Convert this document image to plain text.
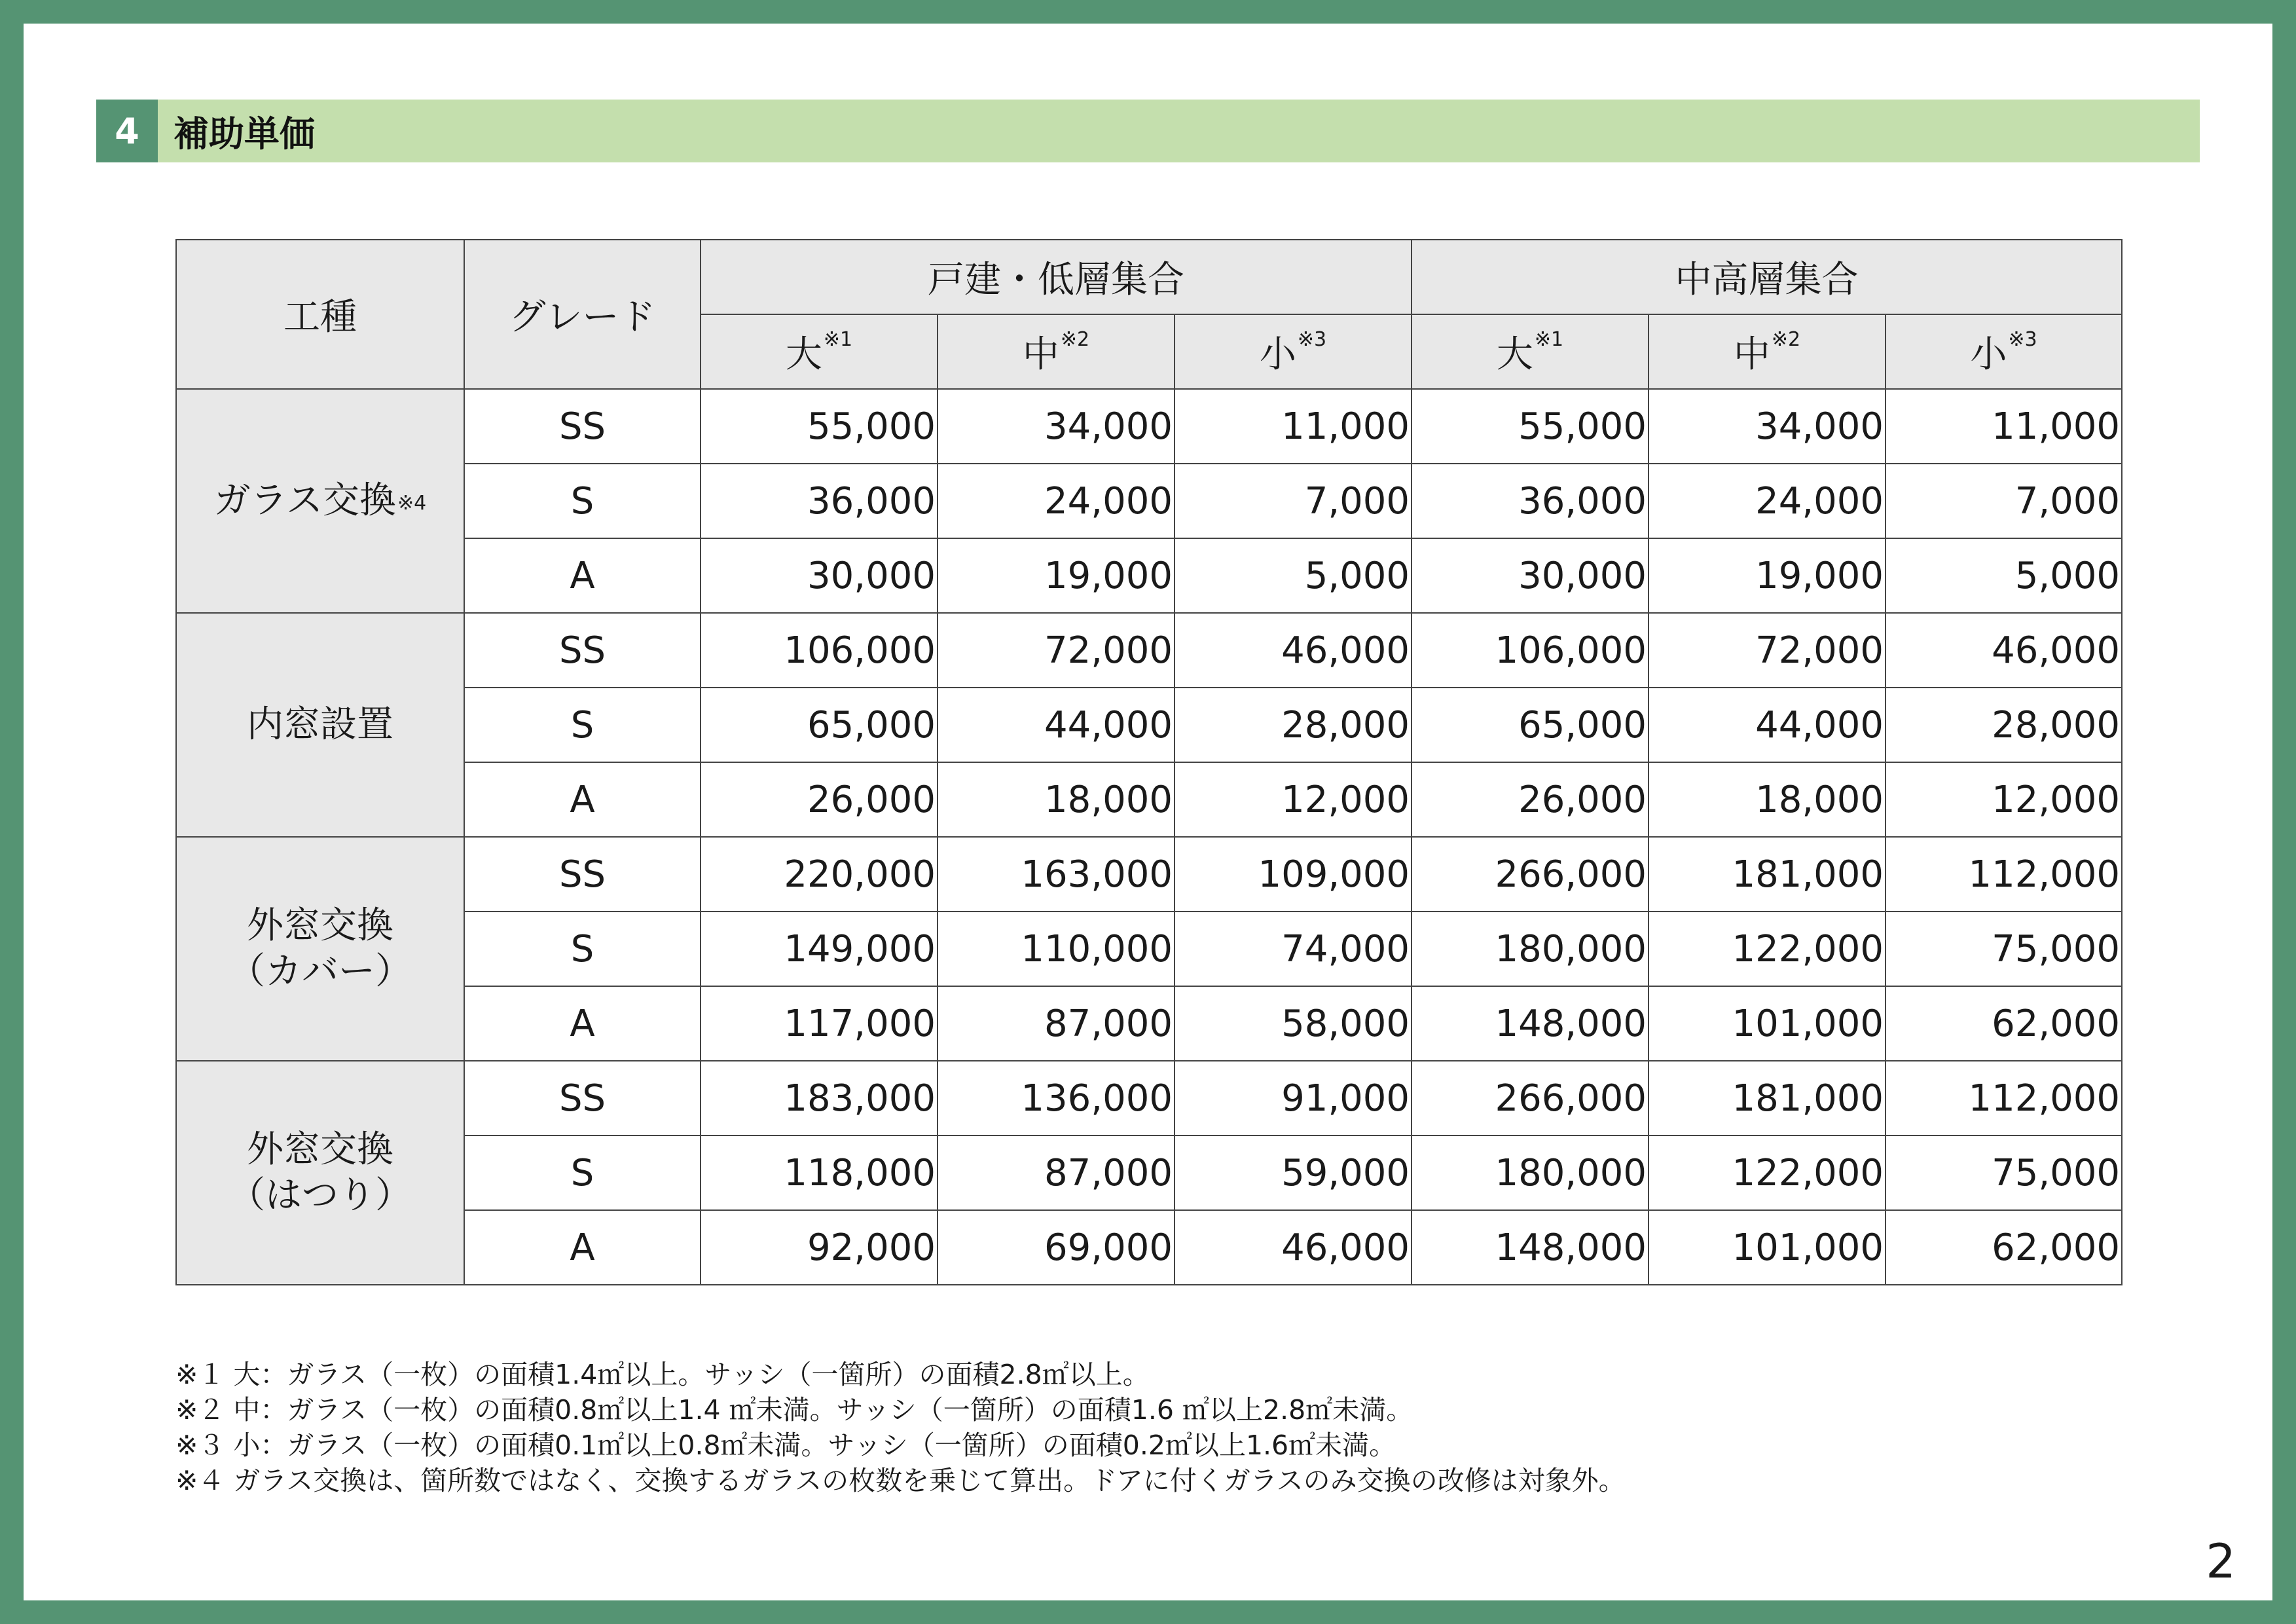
4 補助単価
工種	グレード	戸建・低層集合			中高層集合		
		大$^{※1}$	中$^{※2}$	小$^{※3}$	大$^{※1}$	中$^{※2}$	小$^{※3}$
ガラス交換$^{※4}$	SS	55,000	34,000	11,000	55,000	34,000	11,000
	S	36,000	24,000	7,000	36,000	24,000	7,000
	A	30,000	19,000	5,000	30,000	19,000	5,000
内窓設置	SS	106,000	72,000	46,000	106,000	72,000	46,000
	S	65,000	44,000	28,000	65,000	44,000	28,000
	A	26,000	18,000	12,000	26,000	18,000	12,000
外窓交換
（カバー）	SS	220,000	163,000	109,000	266,000	181,000	112,000
	S	149,000	110,000	74,000	180,000	122,000	75,000
	A	117,000	87,000	58,000	148,000	101,000	62,000
外窓交換
（はつり）	SS	183,000	136,000	91,000	266,000	181,000	112,000
	S	118,000	87,000	59,000	180,000	122,000	75,000
	A	92,000	69,000	46,000	148,000	101,000	62,000
※１ 大：ガラス（一枚）の面積1.4㎡以上。サッシ（一箇所）の面積2.8㎡以上。
※２ 中：ガラス（一枚）の面積0.8㎡以上1.4 ㎡未満。サッシ（一箇所）の面積1.6 ㎡以上2.8㎡未満。
※３ 小：ガラス（一枚）の面積0.1㎡以上0.8㎡未満。サッシ（一箇所）の面積0.2㎡以上1.6㎡未満。
※４ ガラス交換は、箇所数ではなく、交換するガラスの枚数を乗じて算出。ドアに付くガラスのみ交換の改修は対象外。
2
